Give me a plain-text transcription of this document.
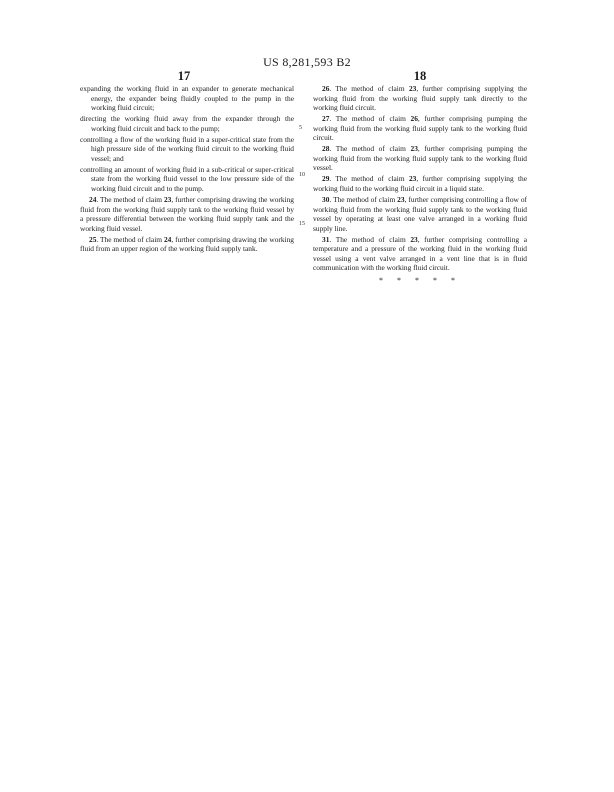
US 8,281,593 B2
17	18

expanding the working fluid in an expander to generate mechanical energy, the expander being fluidly coupled to the pump in the working fluid circuit;

directing the working fluid away from the expander through the working fluid circuit and back to the pump;

controlling a flow of the working fluid in a super-critical state from the high pressure side of the working fluid circuit to the working fluid vessel; and

controlling an amount of working fluid in a sub-critical or super-critical state from the working fluid vessel to the low pressure side of the working fluid circuit and to the pump.

24. The method of claim 23, further comprising drawing the working fluid from the working fluid supply tank to the working fluid vessel by a pressure differential between the working fluid supply tank and the working fluid vessel.

25. The method of claim 24, further comprising drawing the working fluid from an upper region of the working fluid supply tank.

5
10
15

26. The method of claim 23, further comprising supplying the working fluid from the working fluid supply tank directly to the working fluid circuit.

27. The method of claim 26, further comprising pumping the working fluid from the working fluid supply tank to the working fluid circuit.

28. The method of claim 23, further comprising pumping the working fluid from the working fluid supply tank to the working fluid vessel.

29. The method of claim 23, further comprising supplying the working fluid to the working fluid circuit in a liquid state.

30. The method of claim 23, further comprising controlling a flow of working fluid from the working fluid supply tank to the working fluid vessel by operating at least one valve arranged in a working fluid supply line.

31. The method of claim 23, further comprising controlling a temperature and a pressure of the working fluid in the working fluid vessel using a vent valve arranged in a vent line that is in fluid communication with the working fluid circuit.

* * * * *
